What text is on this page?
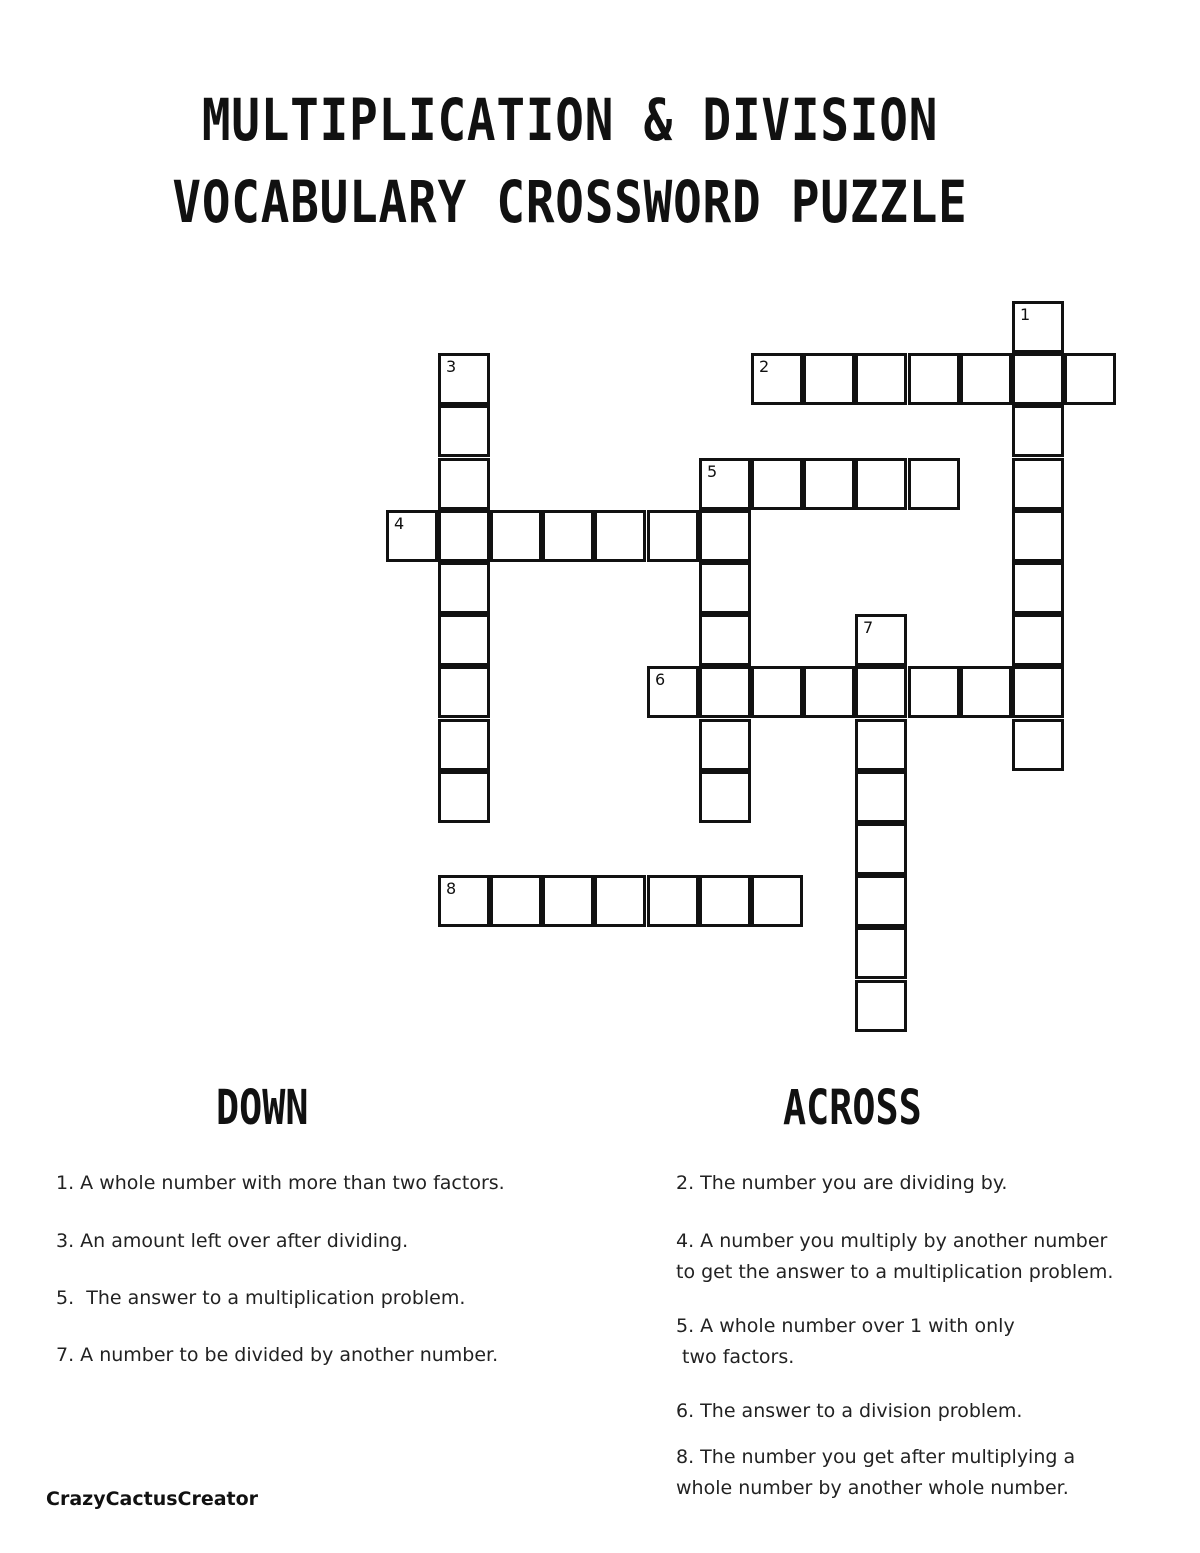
MULTIPLICATION & DIVISION
VOCABULARY CROSSWORD PUZZLE
1
2
3
5
4
7
6
8
DOWN	ACROSS
1. A whole number with more than two factors.
3. An amount left over after dividing.
5.  The answer to a multiplication problem.
7. A number to be divided by another number.
2. The number you are dividing by.
4. A number you multiply by another number
to get the answer to a multiplication problem.
5. A whole number over 1 with only
two factors.
6. The answer to a division problem.
8. The number you get after multiplying a
whole number by another whole number.
CrazyCactusCreator
